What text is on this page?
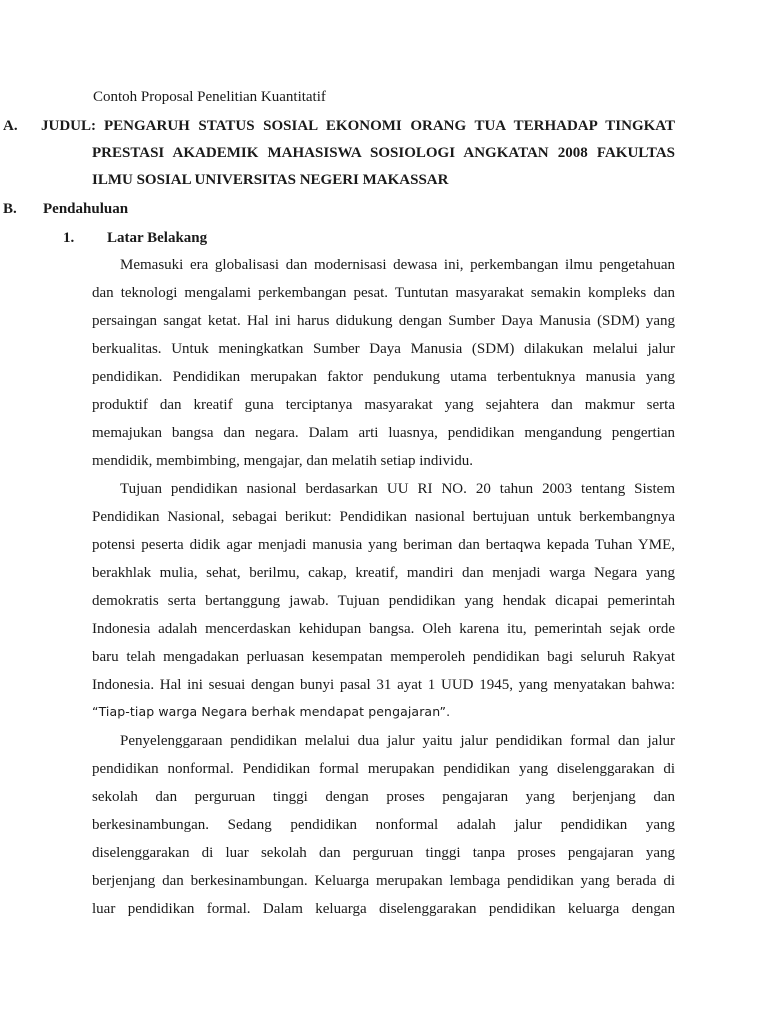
Contoh Proposal Penelitian Kuantitatif
A. JUDUL: PENGARUH STATUS SOSIAL EKONOMI ORANG TUA TERHADAP TINGKAT
PRESTASI AKADEMIK MAHASISWA SOSIOLOGI ANGKATAN 2008 FAKULTAS
ILMU SOSIAL UNIVERSITAS NEGERI MAKASSAR
B. Pendahuluan
1. Latar Belakang
Memasuki era globalisasi dan modernisasi dewasa ini, perkembangan ilmu pengetahuan
dan teknologi mengalami perkembangan pesat. Tuntutan masyarakat semakin kompleks dan
persaingan sangat ketat. Hal ini harus didukung dengan Sumber Daya Manusia (SDM) yang
berkualitas. Untuk meningkatkan Sumber Daya Manusia (SDM) dilakukan melalui jalur
pendidikan. Pendidikan merupakan faktor pendukung utama terbentuknya manusia yang
produktif dan kreatif guna terciptanya masyarakat yang sejahtera dan makmur serta
memajukan bangsa dan negara. Dalam arti luasnya, pendidikan mengandung pengertian
mendidik, membimbing, mengajar, dan melatih setiap individu.
Tujuan pendidikan nasional berdasarkan UU RI NO. 20 tahun 2003 tentang Sistem
Pendidikan Nasional, sebagai berikut: Pendidikan nasional bertujuan untuk berkembangnya
potensi peserta didik agar menjadi manusia yang beriman dan bertaqwa kepada Tuhan YME,
berakhlak mulia, sehat, berilmu, cakap, kreatif, mandiri dan menjadi warga Negara yang
demokratis serta bertanggung jawab. Tujuan pendidikan yang hendak dicapai pemerintah
Indonesia adalah mencerdaskan kehidupan bangsa. Oleh karena itu, pemerintah sejak orde
baru telah mengadakan perluasan kesempatan memperoleh pendidikan bagi seluruh Rakyat
Indonesia. Hal ini sesuai dengan bunyi pasal 31 ayat 1 UUD 1945, yang menyatakan bahwa:
“Tiap-tiap warga Negara berhak mendapat pengajaran”.
Penyelenggaraan pendidikan melalui dua jalur yaitu jalur pendidikan formal dan jalur
pendidikan nonformal. Pendidikan formal merupakan pendidikan yang diselenggarakan di
sekolah dan perguruan tinggi dengan proses pengajaran yang berjenjang dan
berkesinambungan. Sedang pendidikan nonformal adalah jalur pendidikan yang
diselenggarakan di luar sekolah dan perguruan tinggi tanpa proses pengajaran yang
berjenjang dan berkesinambungan. Keluarga merupakan lembaga pendidikan yang berada di
luar pendidikan formal. Dalam keluarga diselenggarakan pendidikan keluarga dengan
